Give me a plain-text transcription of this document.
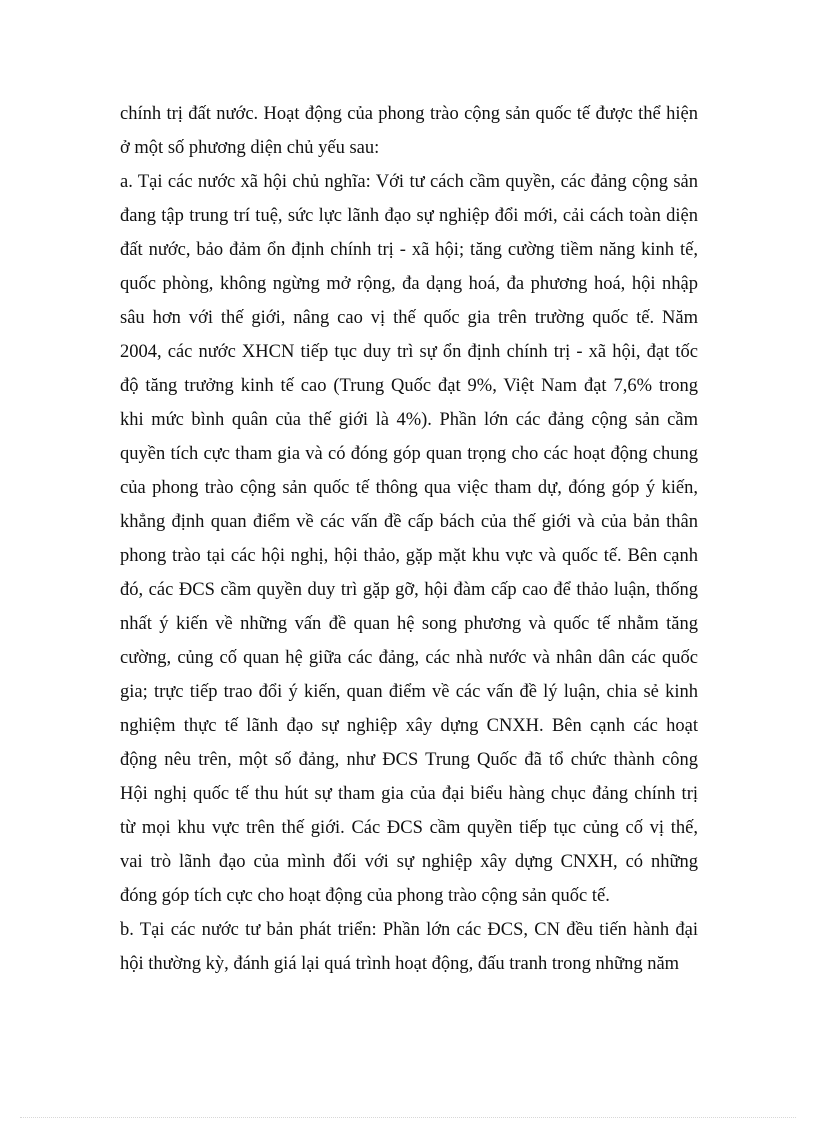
chính trị đất nước. Hoạt động của phong trào cộng sản quốc tế được thể hiện
ở một số phương diện chủ yếu sau:
a. Tại các nước xã hội chủ nghĩa: Với tư cách cầm quyền, các đảng cộng sản
đang tập trung trí tuệ, sức lực lãnh đạo sự nghiệp đổi mới, cải cách toàn diện
đất nước, bảo đảm ổn định chính trị - xã hội; tăng cường tiềm năng kinh tế,
quốc phòng, không ngừng mở rộng, đa dạng hoá, đa phương hoá, hội nhập
sâu hơn với thế giới, nâng cao vị thế quốc gia trên trường quốc tế. Năm
2004, các nước XHCN tiếp tục duy trì sự ổn định chính trị - xã hội, đạt tốc
độ tăng trưởng kinh tế cao (Trung Quốc đạt 9%, Việt Nam đạt 7,6% trong
khi mức bình quân của thế giới là 4%). Phần lớn các đảng cộng sản cầm
quyền tích cực tham gia và có đóng góp quan trọng cho các hoạt động chung
của phong trào cộng sản quốc tế thông qua việc tham dự, đóng góp ý kiến,
khẳng định quan điểm về các vấn đề cấp bách của thế giới và của bản thân
phong trào tại các hội nghị, hội thảo, gặp mặt khu vực và quốc tế. Bên cạnh
đó, các ĐCS cầm quyền duy trì gặp gỡ, hội đàm cấp cao để thảo luận, thống
nhất ý kiến về những vấn đề quan hệ song phương và quốc tế nhằm tăng
cường, củng cố quan hệ giữa các đảng, các nhà nước và nhân dân các quốc
gia; trực tiếp trao đổi ý kiến, quan điểm về các vấn đề lý luận, chia sẻ kinh
nghiệm thực tế lãnh đạo sự nghiệp xây dựng CNXH. Bên cạnh các hoạt
động nêu trên, một số đảng, như ĐCS Trung Quốc đã tổ chức thành công
Hội nghị quốc tế thu hút sự tham gia của đại biểu hàng chục đảng chính trị
từ mọi khu vực trên thế giới. Các ĐCS cầm quyền tiếp tục củng cố vị thế,
vai trò lãnh đạo của mình đối với sự nghiệp xây dựng CNXH, có những
đóng góp tích cực cho hoạt động của phong trào cộng sản quốc tế.
b. Tại các nước tư bản phát triển: Phần lớn các ĐCS, CN đều tiến hành đại
hội thường kỳ, đánh giá lại quá trình hoạt động, đấu tranh trong những năm
